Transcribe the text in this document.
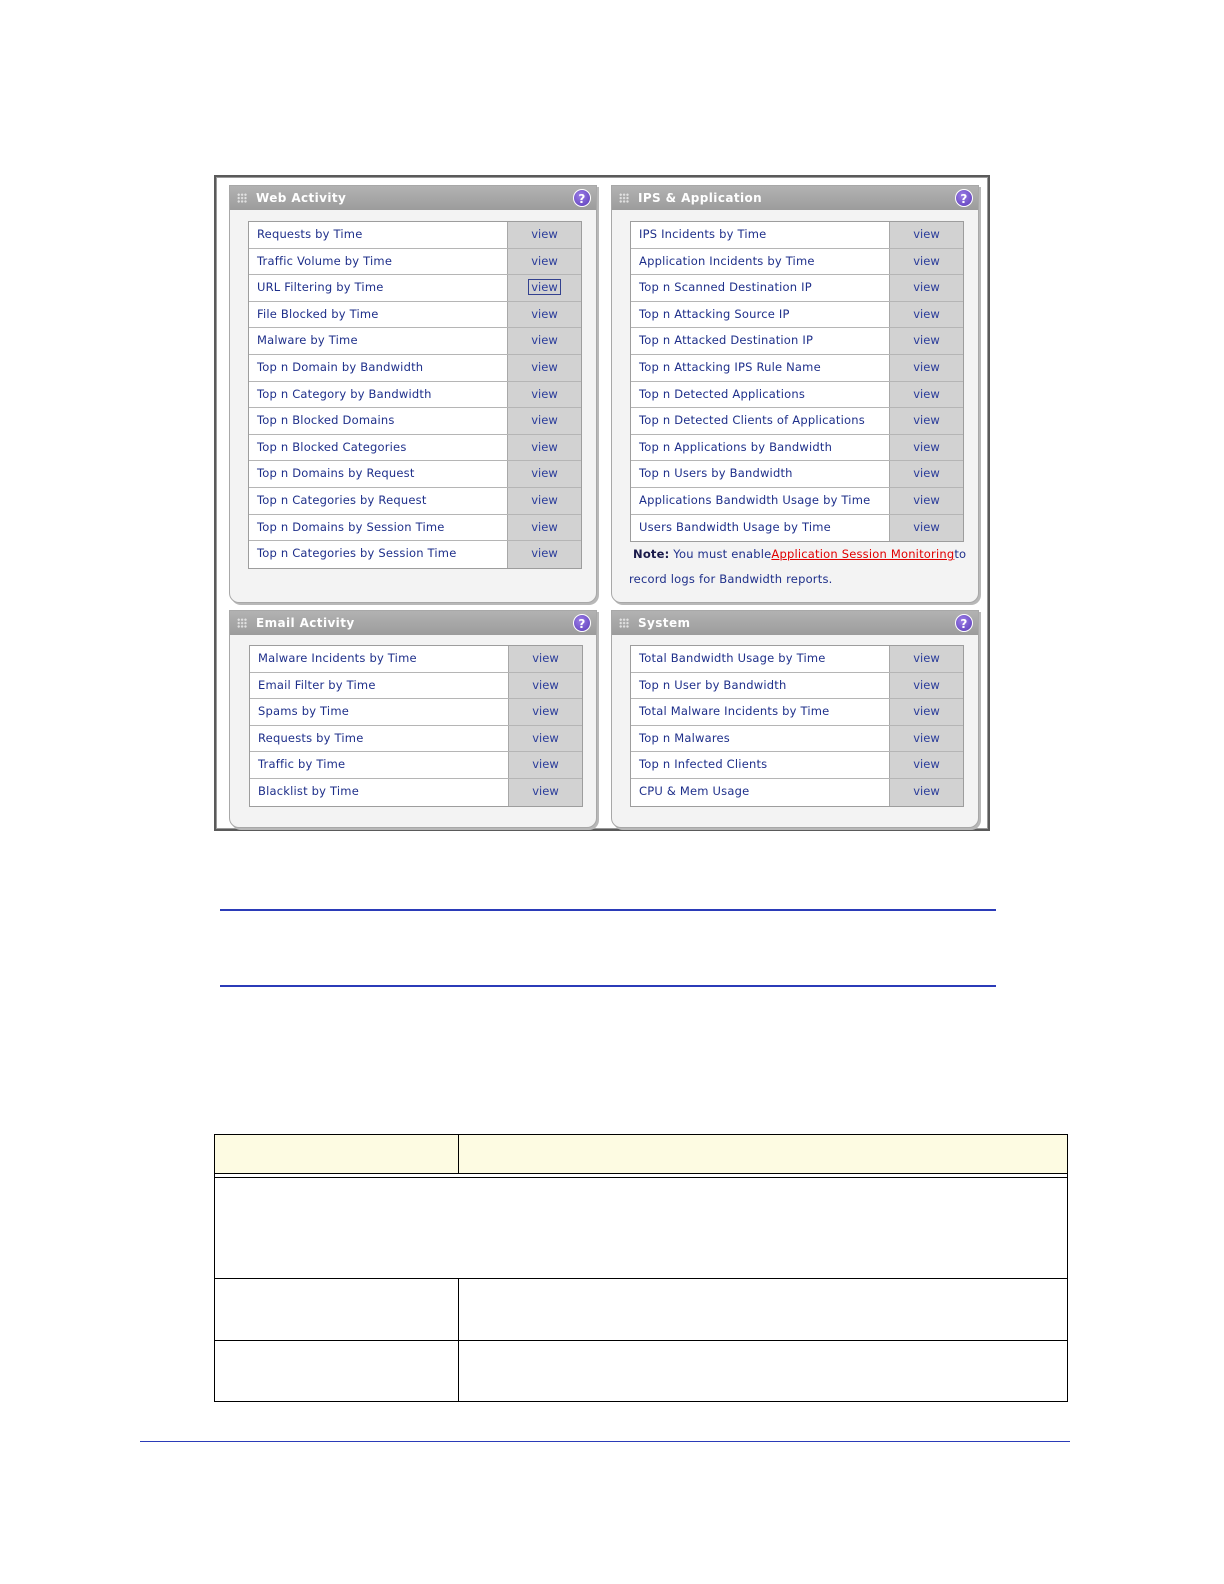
Web Activity	?
Requests by Time	view
Traffic Volume by Time	view
URL Filtering by Time	view
File Blocked by Time	view
Malware by Time	view
Top n Domain by Bandwidth	view
Top n Category by Bandwidth	view
Top n Blocked Domains	view
Top n Blocked Categories	view
Top n Domains by Request	view
Top n Categories by Request	view
Top n Domains by Session Time	view
Top n Categories by Session Time	view
IPS & Application	?
IPS Incidents by Time	view
Application Incidents by Time	view
Top n Scanned Destination IP	view
Top n Attacking Source IP	view
Top n Attacked Destination IP	view
Top n Attacking IPS Rule Name	view
Top n Detected Applications	view
Top n Detected Clients of Applications	view
Top n Applications by Bandwidth	view
Top n Users by Bandwidth	view
Applications Bandwidth Usage by Time	view
Users Bandwidth Usage by Time	view
Note: You must enableApplication Session Monitoringto
record logs for Bandwidth reports.
Email Activity	?
Malware Incidents by Time	view
Email Filter by Time	view
Spams by Time	view
Requests by Time	view
Traffic by Time	view
Blacklist by Time	view
System	?
Total Bandwidth Usage by Time	view
Top n User by Bandwidth	view
Total Malware Incidents by Time	view
Top n Malwares	view
Top n Infected Clients	view
CPU & Mem Usage	view
